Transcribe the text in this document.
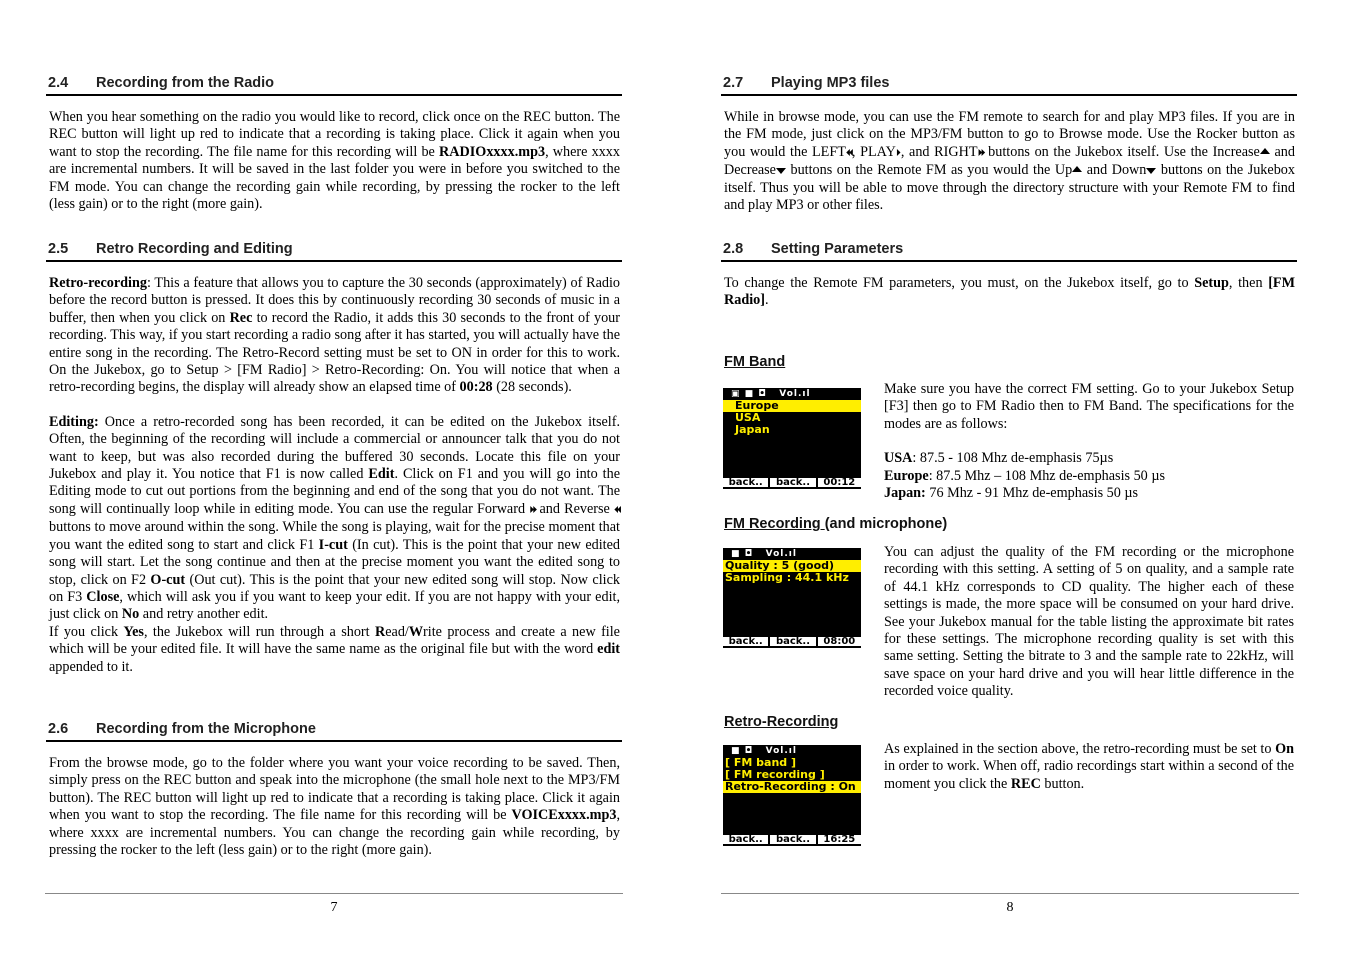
2.4	Recording from the Radio

When you hear something on the radio you would like to record, click once on the REC button. The REC button will light up red to indicate that a recording is taking place. Click it again when you want to stop the recording. The file name for this recording will be RADIOxxxx.mp3, where xxxx are incremental numbers. It will be saved in the last folder you were in before you switched to the FM mode. You can change the recording gain while recording, by pressing the rocker to the left (less gain) or to the right (more gain).

2.5	Retro Recording and Editing

Retro-recording: This a feature that allows you to capture the 30 seconds (approximately) of Radio before the record button is pressed. It does this by continuously recording 30 seconds of music in a buffer, then when you click on Rec to record the Radio, it adds this 30 seconds to the front of your recording. This way, if you start recording a radio song after it has started, you will actually have the entire song in the recording. The Retro-Record setting must be set to ON in order for this to work. On the Jukebox, go to Setup > [FM Radio] > Retro-Recording: On. You will notice that when a retro-recording begins, the display will already show an elapsed time of 00:28 (28 seconds).

Editing: Once a retro-recorded song has been recorded, it can be edited on the Jukebox itself. Often, the beginning of the recording will include a commercial or announcer talk that you do not want to keep, but was also recorded during the buffered 30 seconds. Locate this file on your Jukebox and play it. You notice that F1 is now called Edit. Click on F1 and you will go into the Editing mode to cut out portions from the beginning and end of the song that you do not want. The song will continually loop while in editing mode. You can use the regular Forward ⏵⏵ and Reverse ⏴⏴ buttons to move around within the song. While the song is playing, wait for the precise moment that you want the edited song to start and click F1 I-cut (In cut). This is the point that your new edited song will start. Let the song continue and then at the precise moment you want the edited song to stop, click on F2 O-cut (Out cut). This is the point that your new edited song will stop. Now click on F3 Close, which will ask you if you want to keep your edit. If you are not happy with your edit, just click on No and retry another edit.

If you click Yes, the Jukebox will run through a short Read/Write process and create a new file which will be your edited file. It will have the same name as the original file but with the word edit appended to it.

2.6	Recording from the Microphone

From the browse mode, go to the folder where you want your voice recording to be saved. Then, simply press on the REC button and speak into the microphone (the small hole next to the MP3/FM button). The REC button will light up red to indicate that a recording is taking place. Click it again when you want to stop the recording. The file name for this recording will be VOICExxxx.mp3, where xxxx are incremental numbers. You can change the recording gain while recording, by pressing the rocker to the left (less gain) or to the right (more gain).

7
2.7	Playing MP3 files

While in browse mode, you can use the FM remote to search for and play MP3 files. If you are in the FM mode, just click on the MP3/FM button to go to Browse mode. Use the Rocker button as you would the LEFT⏴⏴, PLAY⏵, and RIGHT⏵⏵ buttons on the Jukebox itself. Use the Increase and Decrease buttons on the Remote FM as you would the Up and Down buttons on the Jukebox itself. Thus you will be able to move through the directory structure with your Remote FM to find and play MP3 or other files.

2.8	Setting Parameters

To change the Remote FM parameters, you must, on the Jukebox itself, go to Setup, then [FM Radio].

FM Band
▣ ■ ◘   Vol.ıl
Europe
USA
Japan
back..	back..	00:12

Make sure you have the correct FM setting. Go to your Jukebox Setup [F3] then go to FM Radio then to FM Band. The specifications for the modes are as follows:

USA: 87.5 - 108 Mhz de-emphasis 75µs

Europe: 87.5 Mhz – 108 Mhz de-emphasis 50 µs

Japan: 76 Mhz - 91 Mhz de-emphasis 50 µs

FM Recording (and microphone)
■ ◘   Vol.ıl
Quality : 5 (good)
Sampling : 44.1 kHz
back..	back..	08:00

You can adjust the quality of the FM recording or the microphone recording with this setting. A setting of 5 on quality, and a sample rate of 44.1 kHz corresponds to CD quality. The higher each of these settings is made, the more space will be consumed on your hard drive. See your Jukebox manual for the table listing the approximate bit rates for these settings. The microphone recording quality is set with this same setting. Setting the bitrate to 3 and the sample rate to 22kHz, will save space on your hard drive and you will hear little difference in the recorded voice quality.

Retro-Recording
■ ◘   Vol.ıl
[ FM band ]
[ FM recording ]
Retro-Recording : On
back..	back..	16:25

As explained in the section above, the retro-recording must be set to On in order to work. When off, radio recordings start within a second of the moment you click the REC button.

8
